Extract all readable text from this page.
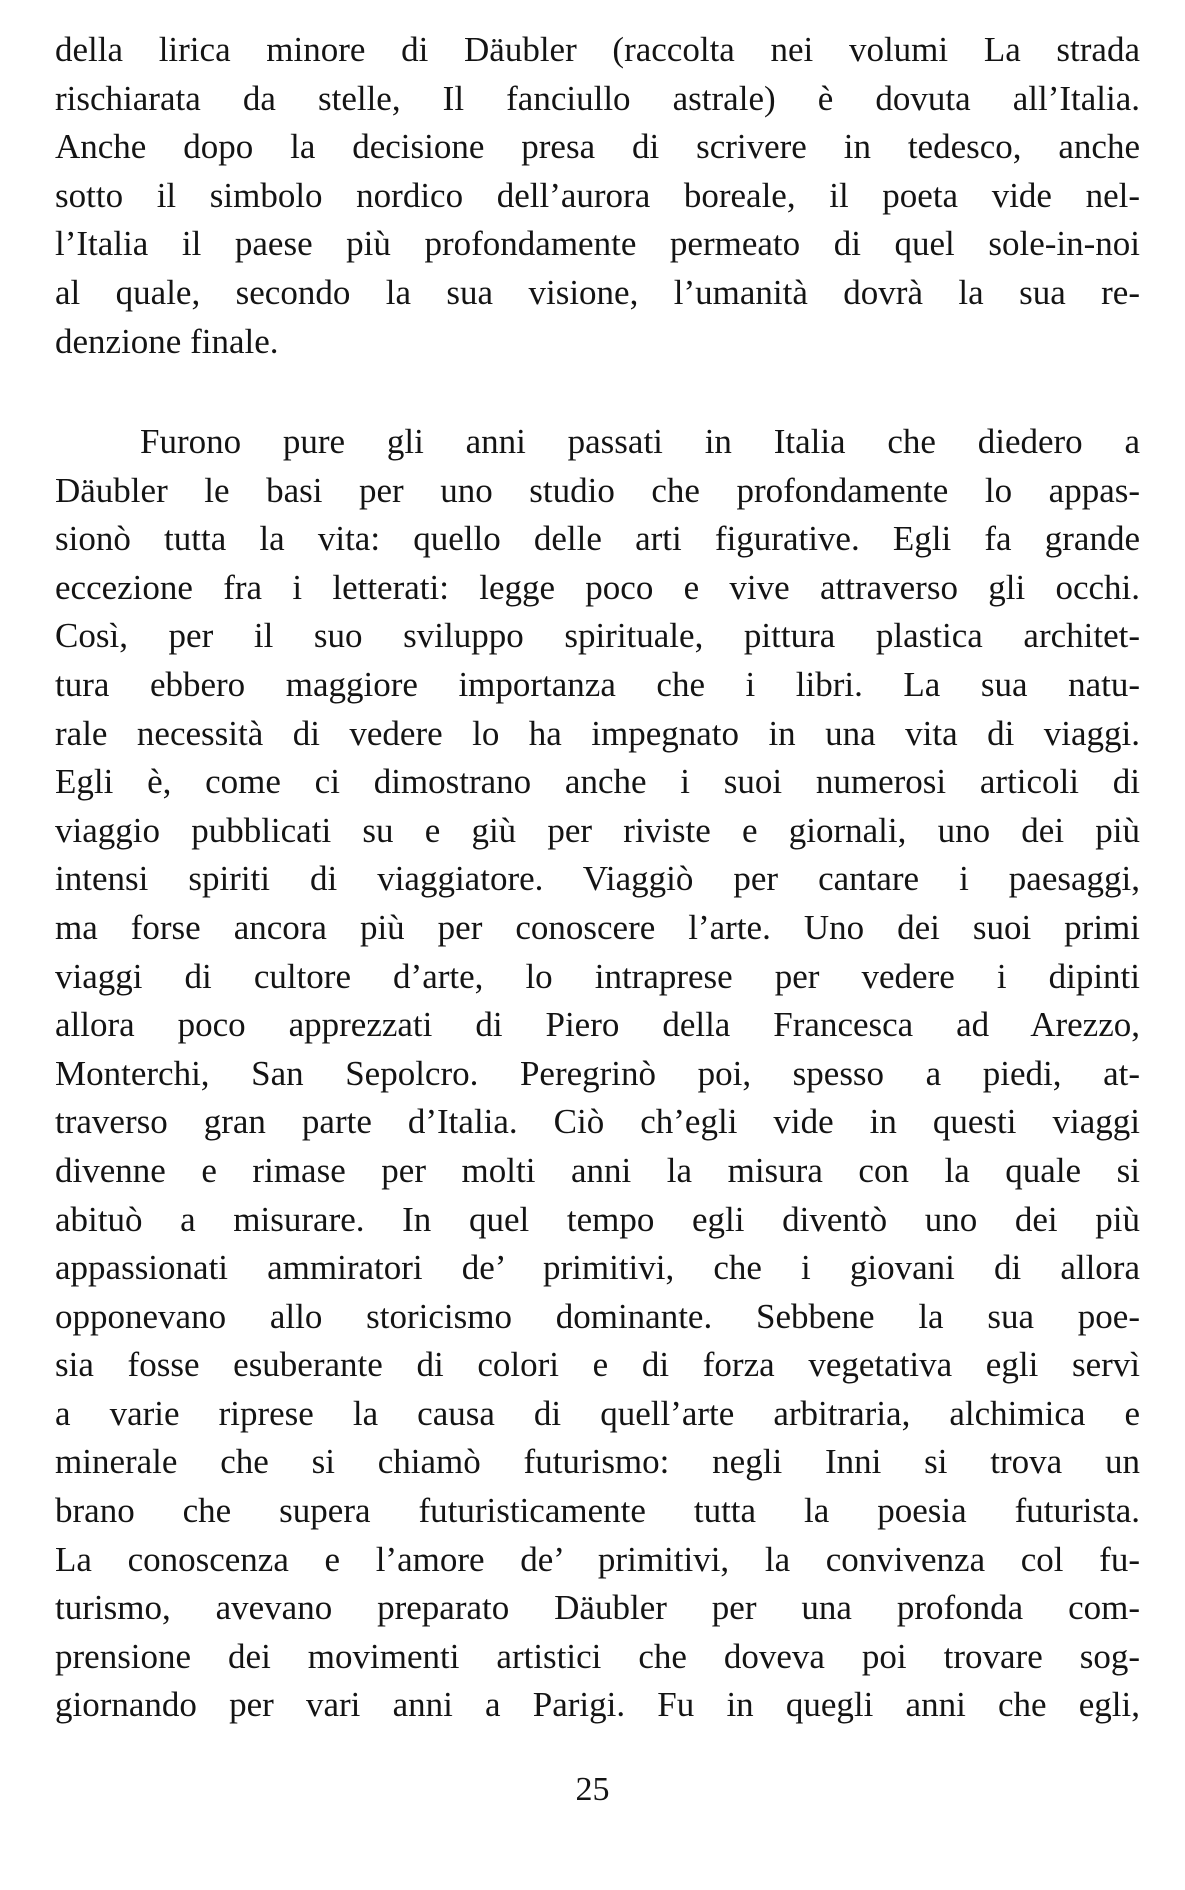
della lirica minore di Däubler (raccolta nei volumi La strada
rischiarata da stelle, Il fanciullo astrale) è dovuta all’Italia.
Anche dopo la decisione presa di scrivere in tedesco, anche
sotto il simbolo nordico dell’aurora boreale, il poeta vide nel-
l’Italia il paese più profondamente permeato di quel sole-in-noi
al quale, secondo la sua visione, l’umanità dovrà la sua re-
denzione finale.
Furono pure gli anni passati in Italia che diedero a
Däubler le basi per uno studio che profondamente lo appas-
sionò tutta la vita: quello delle arti figurative. Egli fa grande
eccezione fra i letterati: legge poco e vive attraverso gli occhi.
Così, per il suo sviluppo spirituale, pittura plastica architet-
tura ebbero maggiore importanza che i libri. La sua natu-
rale necessità di vedere lo ha impegnato in una vita di viaggi.
Egli è, come ci dimostrano anche i suoi numerosi articoli di
viaggio pubblicati su e giù per riviste e giornali, uno dei più
intensi spiriti di viaggiatore. Viaggiò per cantare i paesaggi,
ma forse ancora più per conoscere l’arte. Uno dei suoi primi
viaggi di cultore d’arte, lo intraprese per vedere i dipinti
allora poco apprezzati di Piero della Francesca ad Arezzo,
Monterchi, San Sepolcro. Peregrinò poi, spesso a piedi, at-
traverso gran parte d’Italia. Ciò ch’egli vide in questi viaggi
divenne e rimase per molti anni la misura con la quale si
abituò a misurare. In quel tempo egli diventò uno dei più
appassionati ammiratori de’ primitivi, che i giovani di allora
opponevano allo storicismo dominante. Sebbene la sua poe-
sia fosse esuberante di colori e di forza vegetativa egli servì
a varie riprese la causa di quell’arte arbitraria, alchimica e
minerale che si chiamò futurismo: negli Inni si trova un
brano che supera futuristicamente tutta la poesia futurista.
La conoscenza e l’amore de’ primitivi, la convivenza col fu-
turismo, avevano preparato Däubler per una profonda com-
prensione dei movimenti artistici che doveva poi trovare sog-
giornando per vari anni a Parigi. Fu in quegli anni che egli,
25
